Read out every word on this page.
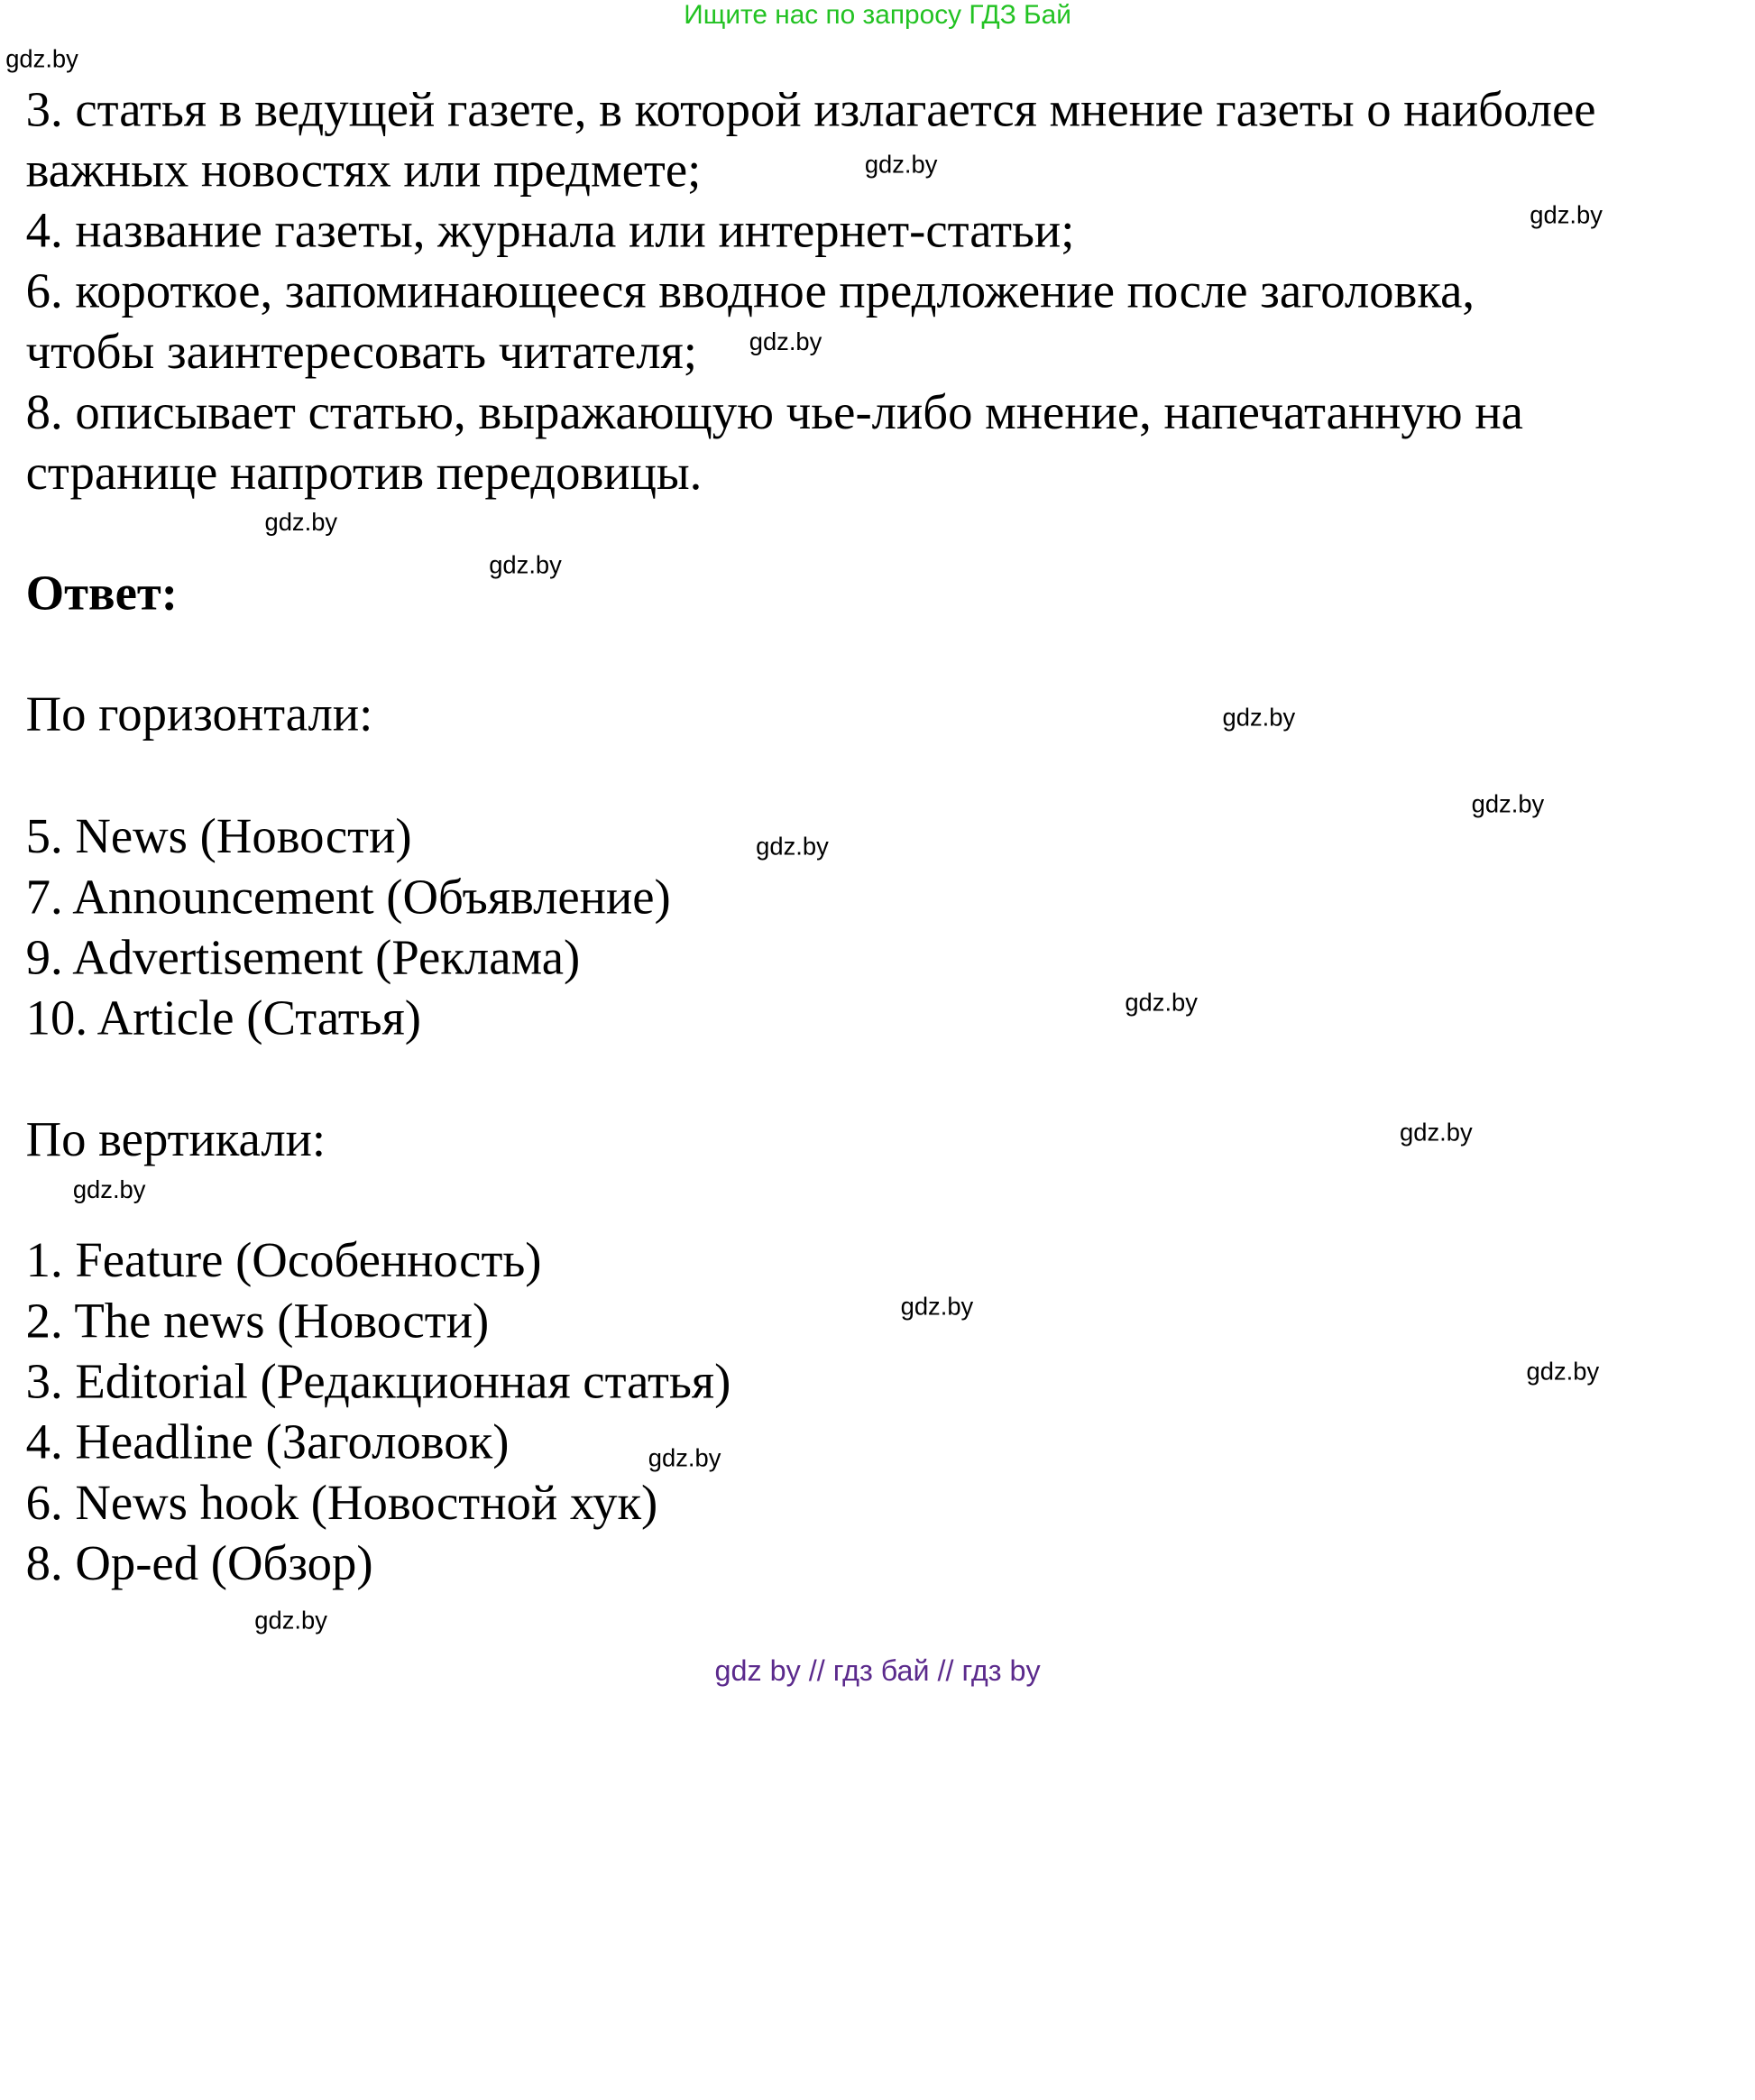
Ищите нас по запросу ГДЗ Бай
3. статья в ведущей газете, в которой излагается мнение газеты о наиболее
важных новостях или предмете;
4. название газеты, журнала или интернет-статьи;
6. короткое, запоминающееся вводное предложение после заголовка,
чтобы заинтересовать читателя;
8. описывает статью, выражающую чье-либо мнение, напечатанную на
странице напротив передовицы.
Ответ:
По горизонтали:
5. News (Новости)
7. Announcement (Объявление)
9. Advertisement (Реклама)
10. Article (Статья)
По вертикали:
1. Feature (Особенность)
2. The news (Новости)
3. Editorial (Редакционная статья)
4. Headline (Заголовок)
6. News hook (Новостной хук)
8. Op-ed (Обзор)
gdz.by
gdz.by
gdz.by
gdz.by
gdz.by
gdz.by
gdz.by
gdz.by
gdz.by
gdz.by
gdz.by
gdz.by
gdz.by
gdz.by
gdz.by
gdz.by
gdz by // гдз бай // гдз by
